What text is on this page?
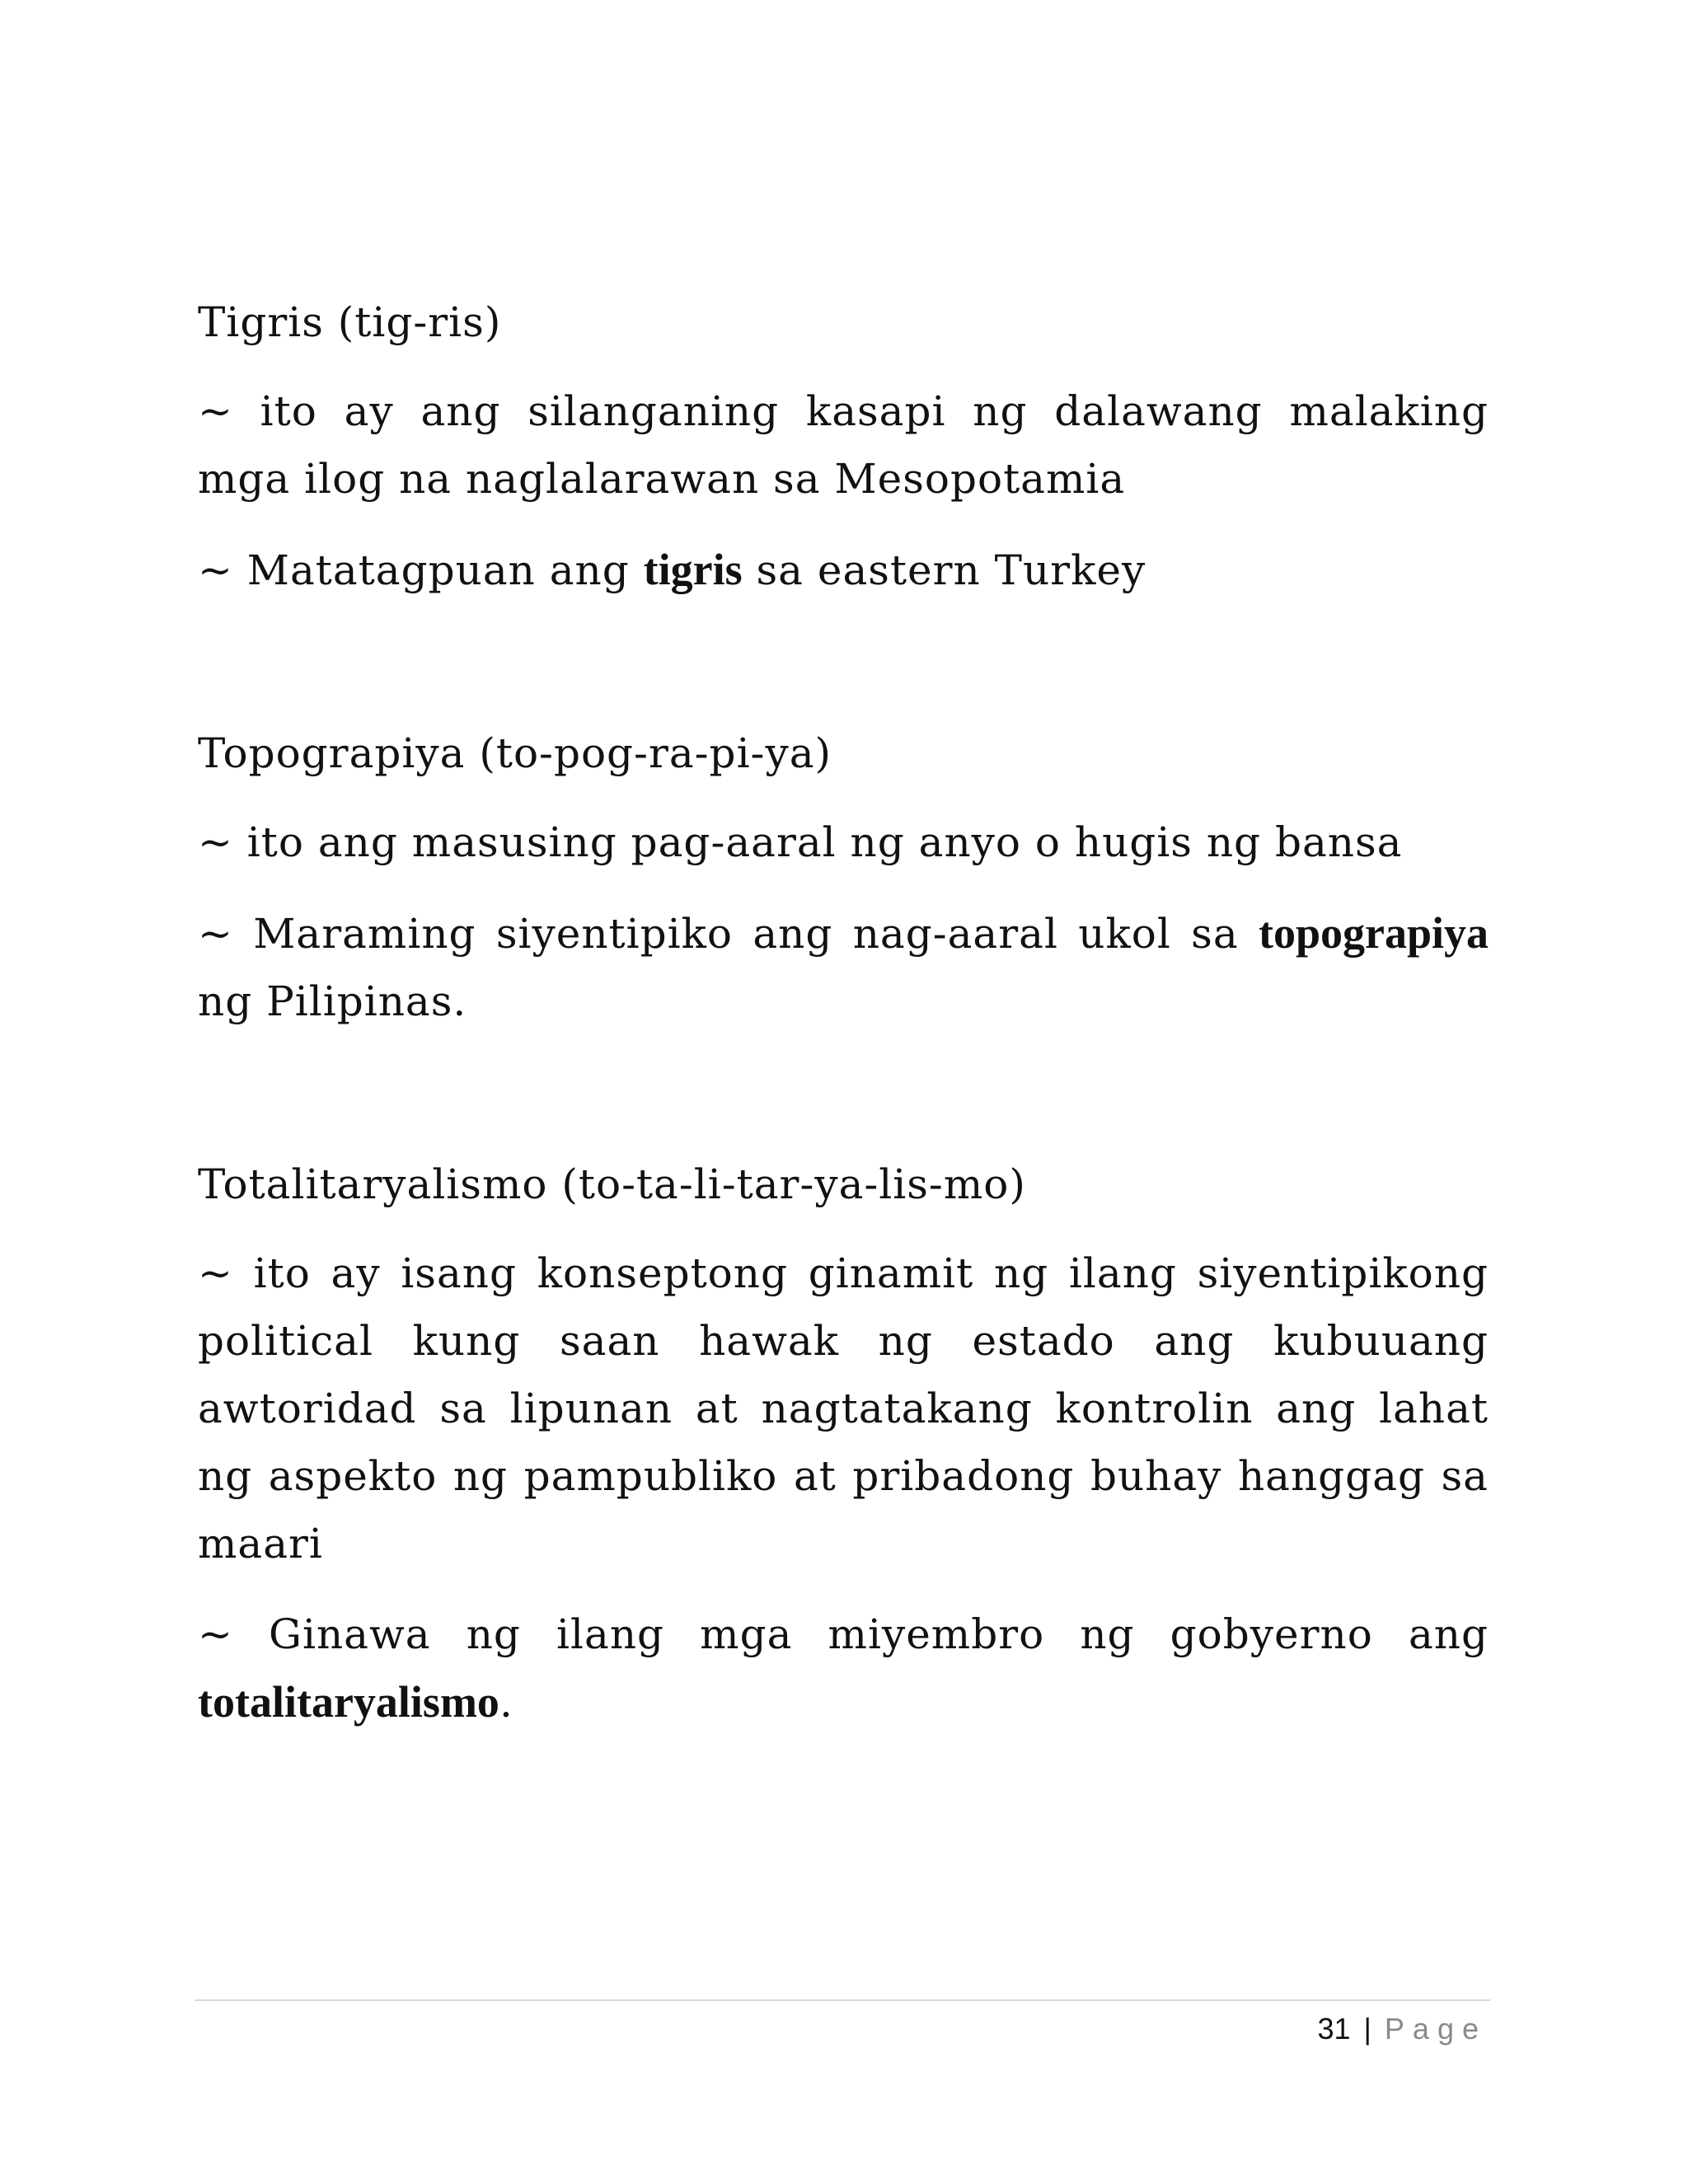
Tigris (tig-ris)

~ ito ay ang silanganing kasapi ng dalawang malaking mga ilog na naglalarawan sa Mesopotamia

~ Matatagpuan ang tigris sa eastern Turkey

Topograpiya (to-pog-ra-pi-ya)

~ ito ang masusing pag-aaral ng anyo o hugis ng bansa

~ Maraming siyentipiko ang nag-aaral ukol sa topograpiya ng Pilipinas.

Totalitaryalismo (to-ta-li-tar-ya-lis-mo)

~ ito ay isang konseptong ginamit ng ilang siyentipikong political kung saan hawak ng estado ang kubuuang awtoridad sa lipunan at nagtatakang kontrolin ang lahat ng aspekto ng pampubliko at pribadong buhay hanggag sa maari

~ Ginawa ng ilang mga miyembro ng gobyerno ang totalitaryalismo.

31 | Page
